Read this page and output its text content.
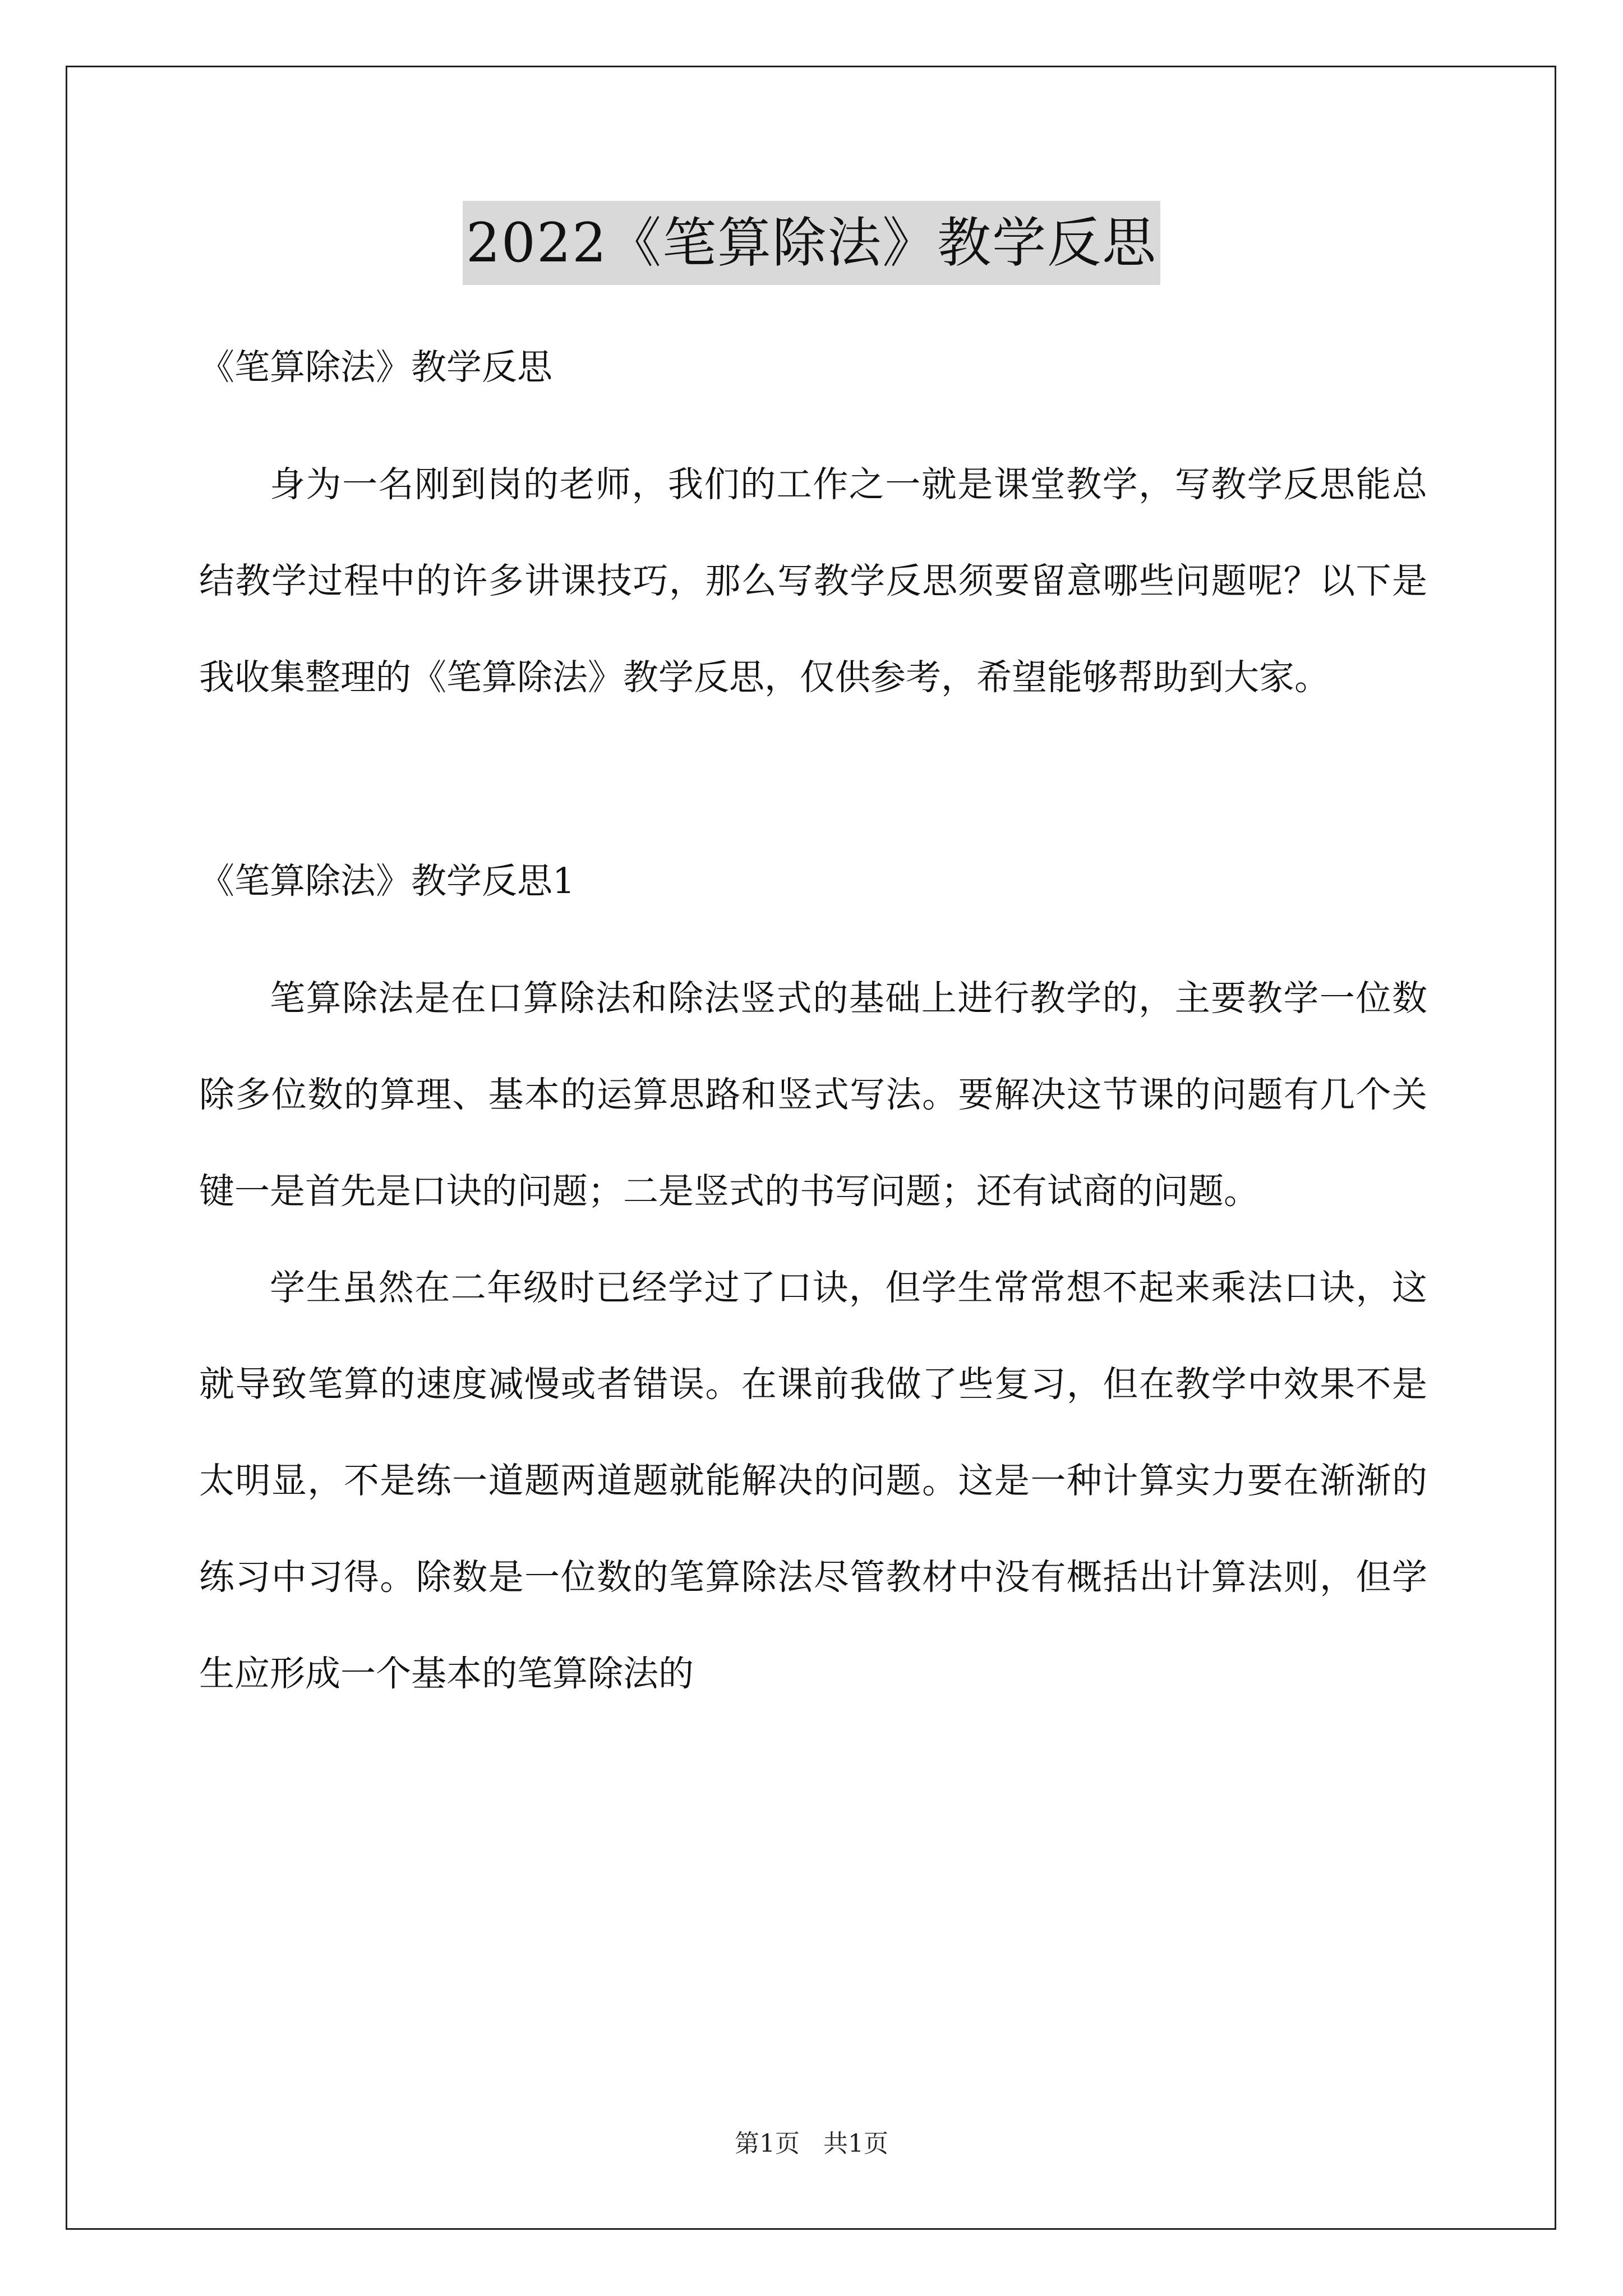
2022《笔算除法》教学反思

《笔算除法》教学反思

身为一名刚到岗的老师，我们的工作之一就是课堂教学，写教学反思能总结教学过程中的许多讲课技巧，那么写教学反思须要留意哪些问题呢？以下是我收集整理的《笔算除法》教学反思，仅供参考，希望能够帮助到大家。

《笔算除法》教学反思1

笔算除法是在口算除法和除法竖式的基础上进行教学的，主要教学一位数除多位数的算理、基本的运算思路和竖式写法。要解决这节课的问题有几个关键一是首先是口诀的问题；二是竖式的书写问题；还有试商的问题。

学生虽然在二年级时已经学过了口诀，但学生常常想不起来乘法口诀，这就导致笔算的速度减慢或者错误。在课前我做了些复习，但在教学中效果不是太明显，不是练一道题两道题就能解决的问题。这是一种计算实力要在渐渐的练习中习得。除数是一位数的笔算除法尽管教材中没有概括出计算法则，但学生应形成一个基本的笔算除法的

第1页 共1页
